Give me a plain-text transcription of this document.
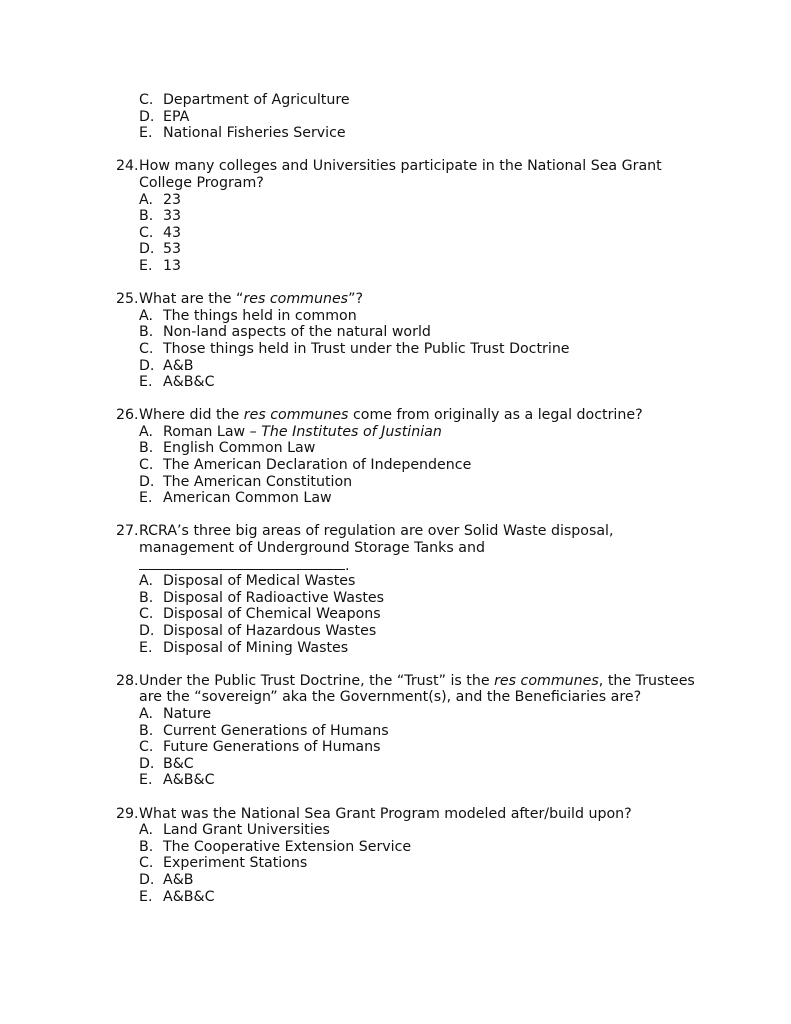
C. Department of Agriculture
D. EPA
E. National Fisheries Service
24. How many colleges and Universities participate in the National Sea Grant
College Program?
A. 23
B. 33
C. 43
D. 53
E. 13
25. What are the “res communes”?
A. The things held in common
B. Non-land aspects of the natural world
C. Those things held in Trust under the Public Trust Doctrine
D. A&B
E. A&B&C
26. Where did the res communes come from originally as a legal doctrine?
A. Roman Law – The Institutes of Justinian
B. English Common Law
C. The American Declaration of Independence
D. The American Constitution
E. American Common Law
27. RCRA’s three big areas of regulation are over Solid Waste disposal,
management of Underground Storage Tanks and
.
A. Disposal of Medical Wastes
B. Disposal of Radioactive Wastes
C. Disposal of Chemical Weapons
D. Disposal of Hazardous Wastes
E. Disposal of Mining Wastes
28. Under the Public Trust Doctrine, the “Trust” is the res communes, the Trustees
are the “sovereign” aka the Government(s), and the Beneficiaries are?
A. Nature
B. Current Generations of Humans
C. Future Generations of Humans
D. B&C
E. A&B&C
29. What was the National Sea Grant Program modeled after/build upon?
A. Land Grant Universities
B. The Cooperative Extension Service
C. Experiment Stations
D. A&B
E. A&B&C
